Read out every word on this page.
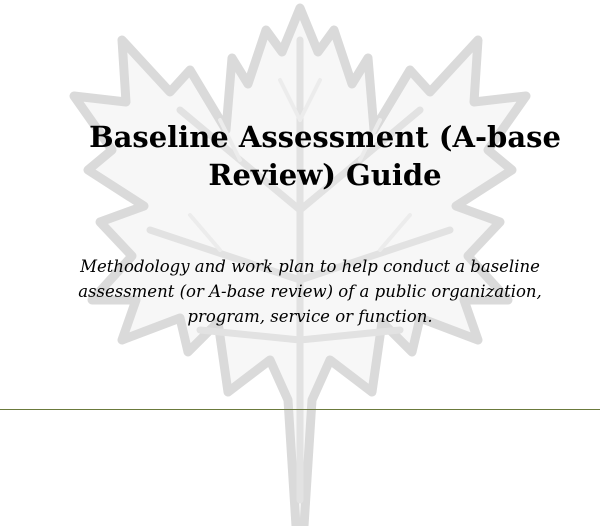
Baseline Assessment (A-base Review) Guide

Methodology and work plan to help conduct a baseline assessment (or A-base review) of a public organization, program, service or function.
